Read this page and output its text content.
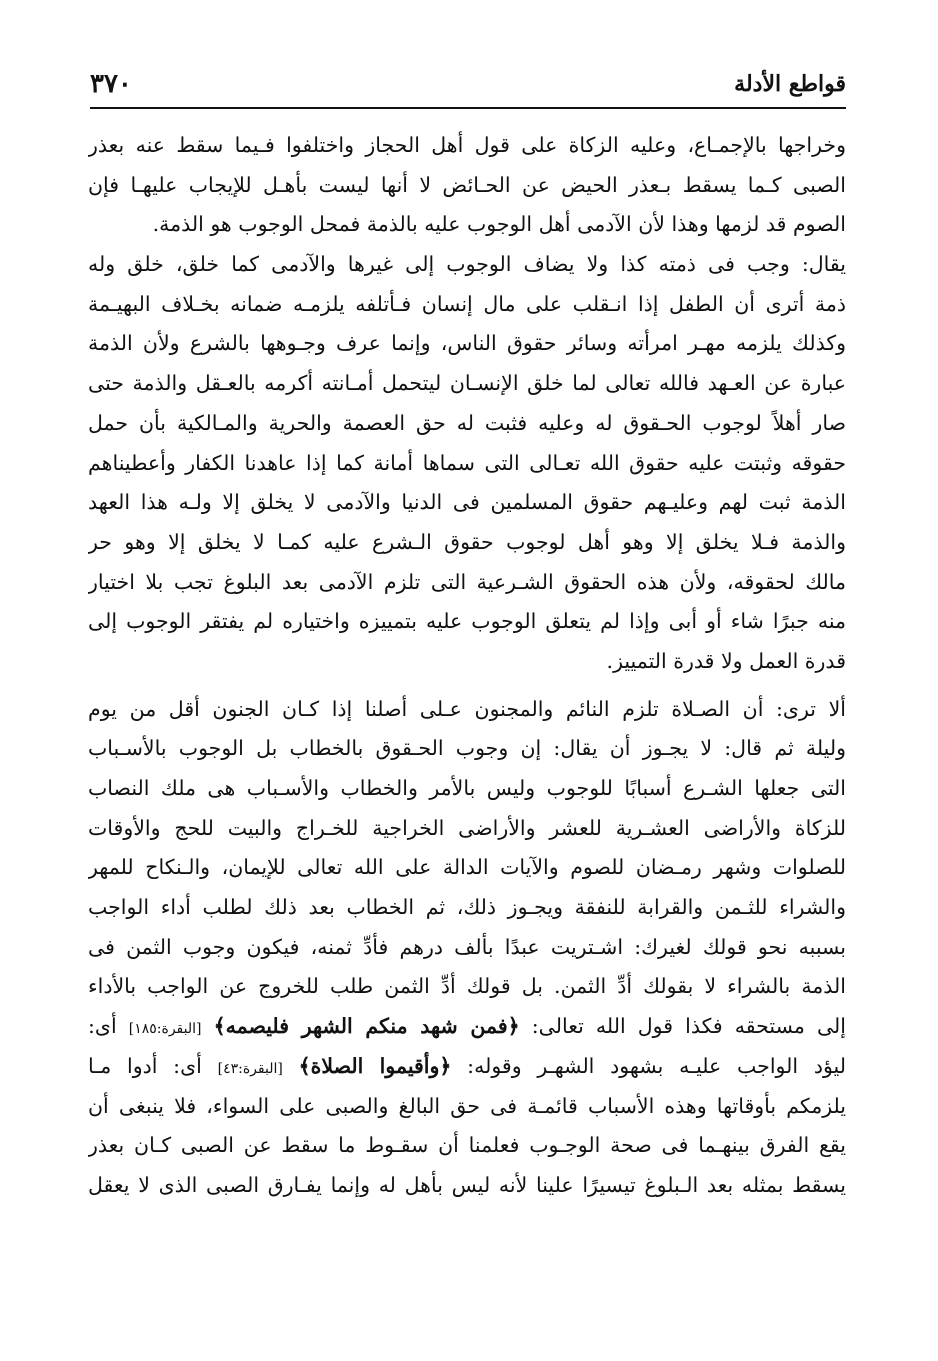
٣٧٠	قواطع الأدلة
وخراجها بالإجمـاع، وعليه الزكاة على قول أهل الحجاز واختلفوا فـيما سقط عنه بعذر
الصبى كـما يسقط بـعذر الحيض عن الحـائض لا أنها ليست بأهـل للإيجاب عليهـا فإن
الصوم قد لزمها وهذا لأن الآدمى أهل الوجوب عليه بالذمة فمحل الوجوب هو الذمة.
يقال: وجب فى ذمته كذا ولا يضاف الوجوب إلى غيرها والآدمى كما خلق، خلق وله
ذمة أترى أن الطفل إذا انـقلب على مال إنسان فـأتلفه يلزمـه ضمانه بخـلاف البهيـمة
وكذلك يلزمه مهـر امرأته وسائر حقوق الناس، وإنما عرف وجـوهها بالشرع ولأن الذمة
عبارة عن العـهد فالله تعالى لما خلق الإنسـان ليتحمل أمـانته أكرمه بالعـقل والذمة حتى
صار أهلاً لوجوب الحـقوق له وعليه فثبت له حق العصمة والحرية والمـالكية بأن حمل
حقوقه وثبتت عليه حقوق الله تعـالى التى سماها أمانة كما إذا عاهدنا الكفار وأعطيناهم
الذمة ثبت لهم وعليـهم حقوق المسلمين فى الدنيا والآدمى لا يخلق إلا ولـه هذا العهد
والذمة فـلا يخلق إلا وهو أهل لوجوب حقوق الـشرع عليه كمـا لا يخلق إلا وهو حر
مالك لحقوقه، ولأن هذه الحقوق الشـرعية التى تلزم الآدمى بعد البلوغ تجب بلا اختيار
منه جبرًا شاء أو أبى وإذا لم يتعلق الوجوب عليه بتمييزه واختياره لم يفتقر الوجوب إلى
قدرة العمل ولا قدرة التمييز.
ألا ترى: أن الصـلاة تلزم النائم والمجنون عـلى أصلنا إذا كـان الجنون أقل من يوم
وليلة ثم قال: لا يجـوز أن يقال: إن وجوب الحـقوق بالخطاب بل الوجوب بالأسـباب
التى جعلها الشـرع أسبابًا للوجوب وليس بالأمر والخطاب والأسـباب هى ملك النصاب
للزكاة والأراضى العشـرية للعشر والأراضى الخراجية للخـراج والبيت للحج والأوقات
للصلوات وشهر رمـضان للصوم والآيات الدالة على الله تعالى للإيمان، والـنكاح للمهر
والشراء للثـمن والقرابة للنفقة ويجـوز ذلك، ثم الخطاب بعد ذلك لطلب أداء الواجب
بسببه نحو قولك لغيرك: اشـتريت عبدًا بألف درهم فأدِّ ثمنه، فيكون وجوب الثمن فى
الذمة بالشراء لا بقولك أدِّ الثمن. بل قولك أدِّ الثمن طلب للخروج عن الواجب بالأداء
إلى مستحقه فكذا قول الله تعالى: ﴿فمن شهد منكم الشهر فليصمه﴾ [البقرة:١٨٥] أى:
ليؤد الواجب عليـه بشهود الشهـر وقوله: ﴿وأقيموا الصلاة﴾ [البقرة:٤٣] أى: أدوا مـا
يلزمكم بأوقاتها وهذه الأسباب قائمـة فى حق البالغ والصبى على السواء، فلا ينبغى أن
يقع الفرق بينهـما فى صحة الوجـوب فعلمنا أن سقـوط ما سقط عن الصبى كـان بعذر
يسقط بمثله بعد الـبلوغ تيسيرًا علينا لأنه ليس بأهل له وإنما يفـارق الصبى الذى لا يعقل
